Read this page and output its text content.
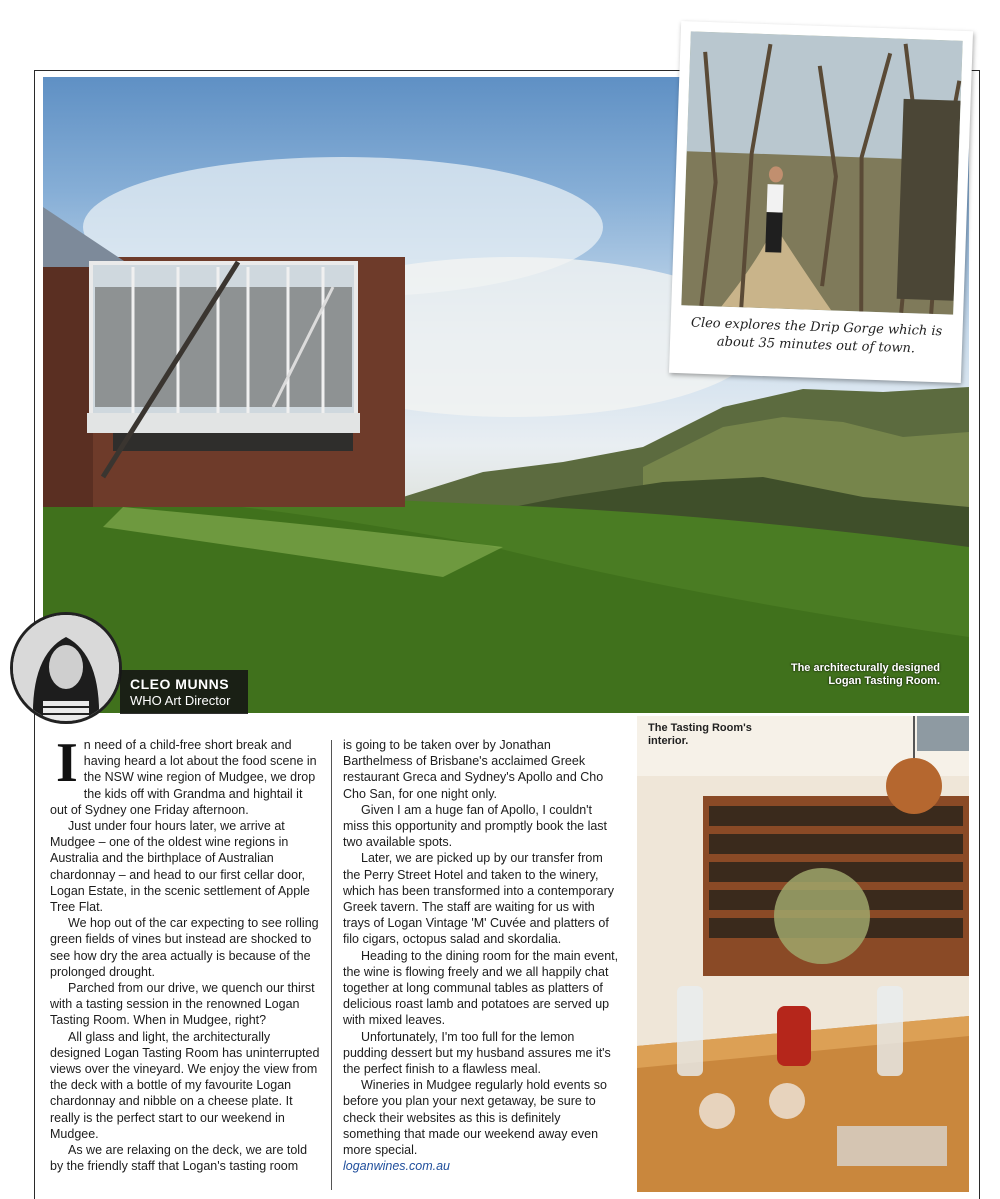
The architecturally designed Logan Tasting Room.
Cleo explores the Drip Gorge which is about 35 minutes out of town.
CLEO MUNNS
WHO Art Director

In need of a child-free short break and having heard a lot about the food scene in the NSW wine region of Mudgee, we drop the kids off with Grandma and hightail it out of Sydney one Friday afternoon.

Just under four hours later, we arrive at Mudgee – one of the oldest wine regions in Australia and the birthplace of Australian chardonnay – and head to our first cellar door, Logan Estate, in the scenic settlement of Apple Tree Flat.

We hop out of the car expecting to see rolling green fields of vines but instead are shocked to see how dry the area actually is because of the prolonged drought.

Parched from our drive, we quench our thirst with a tasting session in the renowned Logan Tasting Room. When in Mudgee, right?

All glass and light, the architecturally designed Logan Tasting Room has uninterrupted views over the vineyard. We enjoy the view from the deck with a bottle of my favourite Logan chardonnay and nibble on a cheese plate. It really is the perfect start to our weekend in Mudgee.

As we are relaxing on the deck, we are told by the friendly staff that Logan's tasting room

is going to be taken over by Jonathan Barthelmess of Brisbane's acclaimed Greek restaurant Greca and Sydney's Apollo and Cho Cho San, for one night only.

Given I am a huge fan of Apollo, I couldn't miss this opportunity and promptly book the last two available spots.

Later, we are picked up by our transfer from the Perry Street Hotel and taken to the winery, which has been transformed into a contemporary Greek tavern. The staff are waiting for us with trays of Logan Vintage 'M' Cuvée and platters of filo cigars, octopus salad and skordalia.

Heading to the dining room for the main event, the wine is flowing freely and we all happily chat together at long communal tables as platters of delicious roast lamb and potatoes are served up with mixed leaves.

Unfortunately, I'm too full for the lemon pudding dessert but my husband assures me it's the perfect finish to a flawless meal.

Wineries in Mudgee regularly hold events so before you plan your next getaway, be sure to check their websites as this is definitely something that made our weekend away even more special.

loganwines.com.au

The Tasting Room's interior.
